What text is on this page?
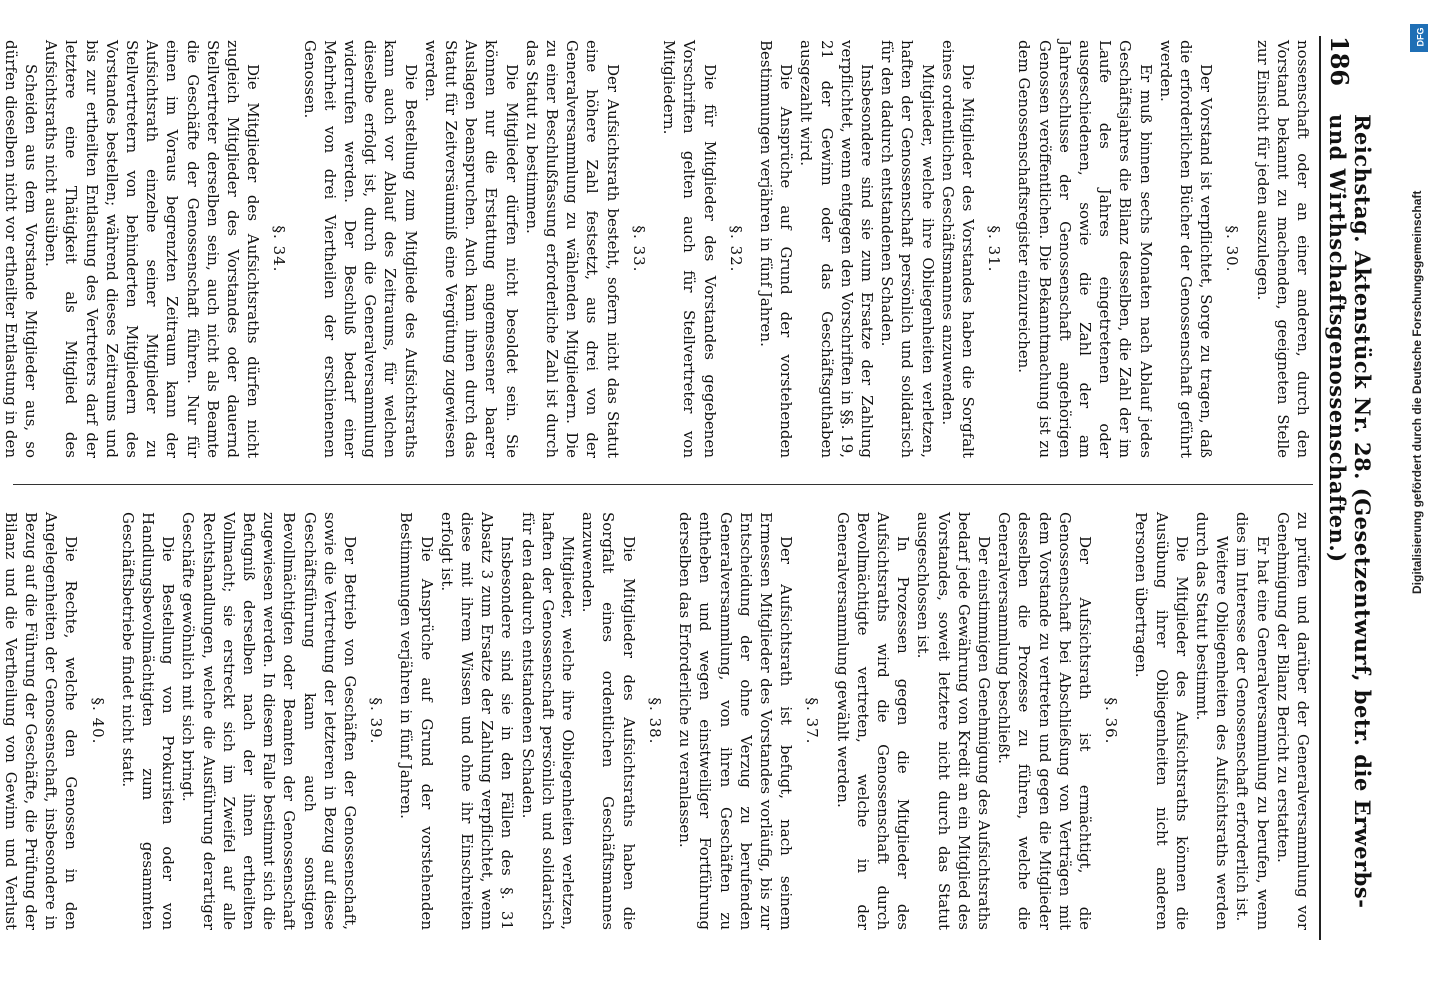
186
Reichstag. Aktenstück Nr. 28. (Gesetzentwurf, betr. die Erwerbs- und Wirthschaftsgenossenschaften.)

nossenschaft oder an einer anderen, durch den Vorstand bekannt zu machenden, geeigneten Stelle zur Einsicht für jeden auszulegen.

§. 30.

Der Vorstand ist verpflichtet, Sorge zu tragen, daß die erforderlichen Bücher der Genossenschaft geführt werden.

Er muß binnen sechs Monaten nach Ablauf jedes Geschäftsjahres die Bilanz desselben, die Zahl der im Laufe des Jahres eingetretenen oder ausgeschiedenen, sowie die Zahl der am Jahresschlusse der Genossenschaft angehörigen Genossen veröffentlichen. Die Bekanntmachung ist zu dem Genossenschaftsregister einzureichen.

§. 31.

Die Mitglieder des Vorstandes haben die Sorgfalt eines ordentlichen Geschäftsmannes anzuwenden.

Mitglieder, welche ihre Obliegenheiten verletzen, haften der Genossenschaft persönlich und solidarisch für den dadurch entstandenen Schaden.

Insbesondere sind sie zum Ersatze der Zahlung verpflichtet, wenn entgegen den Vorschriften in §§. 19, 21 der Gewinn oder das Geschäftsguthaben ausgezahlt wird.

Die Ansprüche auf Grund der vorstehenden Bestimmungen verjähren in fünf Jahren.

§. 32.

Die für Mitglieder des Vorstandes gegebenen Vorschriften gelten auch für Stellvertreter von Mitgliedern.

§. 33.

Der Aufsichtsrath besteht, sofern nicht das Statut eine höhere Zahl festsetzt, aus drei von der Generalversammlung zu wählenden Mitgliedern. Die zu einer Beschlußfassung erforderliche Zahl ist durch das Statut zu bestimmen.

Die Mitglieder dürfen nicht besoldet sein. Sie können nur die Erstattung angemessener baarer Auslagen beanspruchen. Auch kann ihnen durch das Statut für Zeitversäumniß eine Vergütung zugewiesen werden.

Die Bestellung zum Mitgliede des Aufsichtsraths kann auch vor Ablauf des Zeitraums, für welchen dieselbe erfolgt ist, durch die Generalversammlung widerrufen werden. Der Beschluß bedarf einer Mehrheit von drei Viertheilen der erschienenen Genossen.

§. 34.

Die Mitglieder des Aufsichtsraths dürfen nicht zugleich Mitglieder des Vorstandes oder dauernd Stellvertreter derselben sein, auch nicht als Beamte die Geschäfte der Genossenschaft führen. Nur für einen im Voraus begrenzten Zeitraum kann der Aufsichtsrath einzelne seiner Mitglieder zu Stellvertretern von behinderten Mitgliedern des Vorstandes bestellen; während dieses Zeitraums und bis zur ertheilten Entlastung des Vertreters darf der letztere eine Thätigkeit als Mitglied des Aufsichtsraths nicht ausüben.

Scheiden aus dem Vorstande Mitglieder aus, so dürfen dieselben nicht vor ertheilter Entlastung in den

zu prüfen und darüber der Generalversammlung vor Genehmigung der Bilanz Bericht zu erstatten.

Er hat eine Generalversammlung zu berufen, wenn dies im Interesse der Genossenschaft erforderlich ist.

Weitere Obliegenheiten des Aufsichtsraths werden durch das Statut bestimmt.

Die Mitglieder des Aufsichtsraths können die Ausübung ihrer Obliegenheiten nicht anderen Personen übertragen.

§. 36.

Der Aufsichtsrath ist ermächtigt, die Genossenschaft bei Abschließung von Verträgen mit dem Vorstande zu vertreten und gegen die Mitglieder desselben die Prozesse zu führen, welche die Generalversammlung beschließt.

Der einstimmigen Genehmigung des Aufsichtsraths bedarf jede Gewährung von Kredit an ein Mitglied des Vorstandes, soweit letztere nicht durch das Statut ausgeschlossen ist.

In Prozessen gegen die Mitglieder des Aufsichtsraths wird die Genossenschaft durch Bevollmächtigte vertreten, welche in der Generalversammlung gewählt werden.

§. 37.

Der Aufsichtsrath ist befugt, nach seinem Ermessen Mitglieder des Vorstandes vorläufig, bis zur Entscheidung der ohne Verzug zu berufenden Generalversammlung, von ihren Geschäften zu entheben und wegen einstweiliger Fortführung derselben das Erforderliche zu veranlassen.

§. 38.

Die Mitglieder des Aufsichtsraths haben die Sorgfalt eines ordentlichen Geschäftsmannes anzuwenden.

Mitglieder, welche ihre Obliegenheiten verletzen, haften der Genossenschaft persönlich und solidarisch für den dadurch entstandenen Schaden.

Insbesondere sind sie in den Fällen des §. 31 Absatz 3 zum Ersatze der Zahlung verpflichtet, wenn diese mit ihrem Wissen und ohne ihr Einschreiten erfolgt ist.

Die Ansprüche auf Grund der vorstehenden Bestimmungen verjähren in fünf Jahren.

§. 39.

Der Betrieb von Geschäften der Genossenschaft, sowie die Vertretung der letzteren in Bezug auf diese Geschäftsführung kann auch sonstigen Bevollmächtigten oder Beamten der Genossenschaft zugewiesen werden. In diesem Falle bestimmt sich die Befugniß derselben nach der ihnen ertheilten Vollmacht; sie erstreckt sich im Zweifel auf alle Rechtshandlungen, welche die Ausführung derartiger Geschäfte gewöhnlich mit sich bringt.

Die Bestellung von Prokuristen oder von Handlungsbevollmächtigten zum gesammten Geschäftsbetriebe findet nicht statt.

§. 40.

Die Rechte, welche den Genossen in den Angelegenheiten der Genossenschaft, insbesondere in Bezug auf die Führung der Geschäfte, die Prüfung der Bilanz und die Vertheilung von Gewinn und Verlust

DFG
Digitalisierung gefördert durch die Deutsche Forschungsgemeinschaft
